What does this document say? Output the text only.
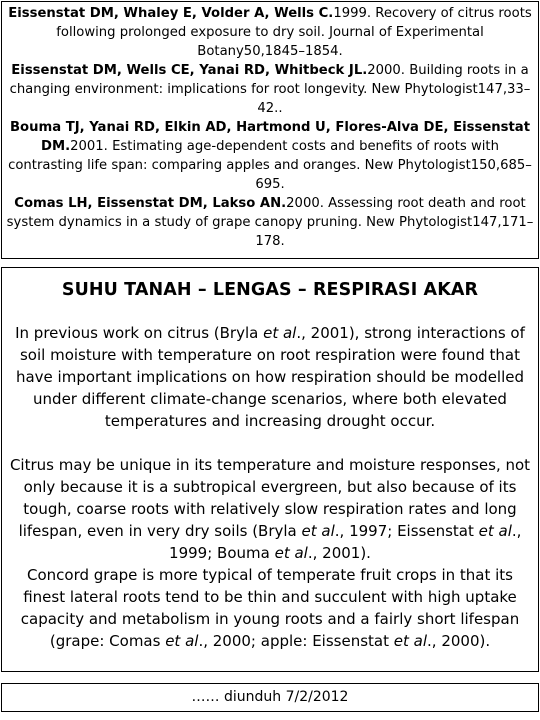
Eissenstat DM, Whaley E, Volder A, Wells C.1999. Recovery of citrus roots following prolonged exposure to dry soil. Journal of Experimental Botany50,1845–1854.

Eissenstat DM, Wells CE, Yanai RD, Whitbeck JL.2000. Building roots in a changing environment: implications for root longevity. New Phytologist147,33–42..

Bouma TJ, Yanai RD, Elkin AD, Hartmond U, Flores-Alva DE, Eissenstat DM.2001. Estimating age-dependent costs and benefits of roots with contrasting life span: comparing apples and oranges. New Phytologist150,685–695.

Comas LH, Eissenstat DM, Lakso AN.2000. Assessing root death and root system dynamics in a study of grape canopy pruning. New Phytologist147,171–178.

SUHU TANAH – LENGAS – RESPIRASI AKAR

In previous work on citrus (Bryla et al., 2001), strong interactions of soil moisture with temperature on root respiration were found that have important implications on how respiration should be modelled under different climate-change scenarios, where both elevated temperatures and increasing drought occur.

Citrus may be unique in its temperature and moisture responses, not only because it is a subtropical evergreen, but also because of its tough, coarse roots with relatively slow respiration rates and long lifespan, even in very dry soils (Bryla et al., 1997; Eissenstat et al., 1999; Bouma et al., 2001).

Concord grape is more typical of temperate fruit crops in that its finest lateral roots tend to be thin and succulent with high uptake capacity and metabolism in young roots and a fairly short lifespan (grape: Comas et al., 2000; apple: Eissenstat et al., 2000).

…… diunduh 7/2/2012
